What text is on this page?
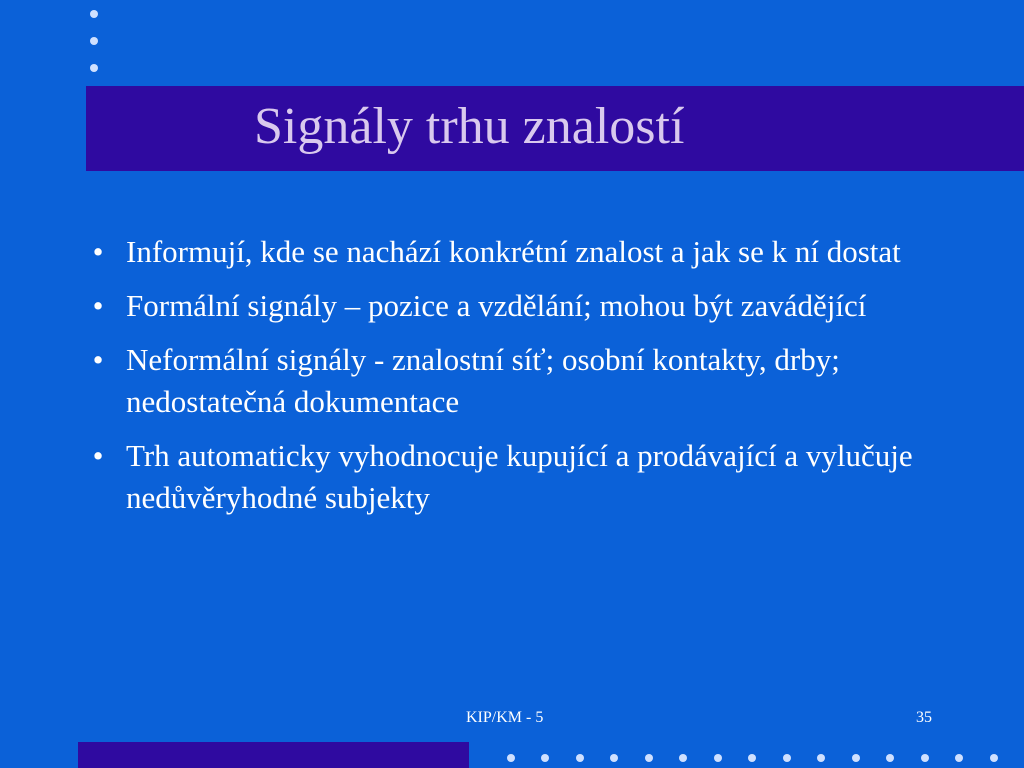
Signály trhu znalostí
• Informují, kde se nachází konkrétní znalost a jak se k ní dostat
• Formální signály – pozice a vzdělání; mohou být zavádějící
• Neformální signály - znalostní síť; osobní kontakty, drby; nedostatečná dokumentace
• Trh automaticky vyhodnocuje kupující a prodávající a vylučuje nedůvěryhodné subjekty
KIP/KM - 5	35
